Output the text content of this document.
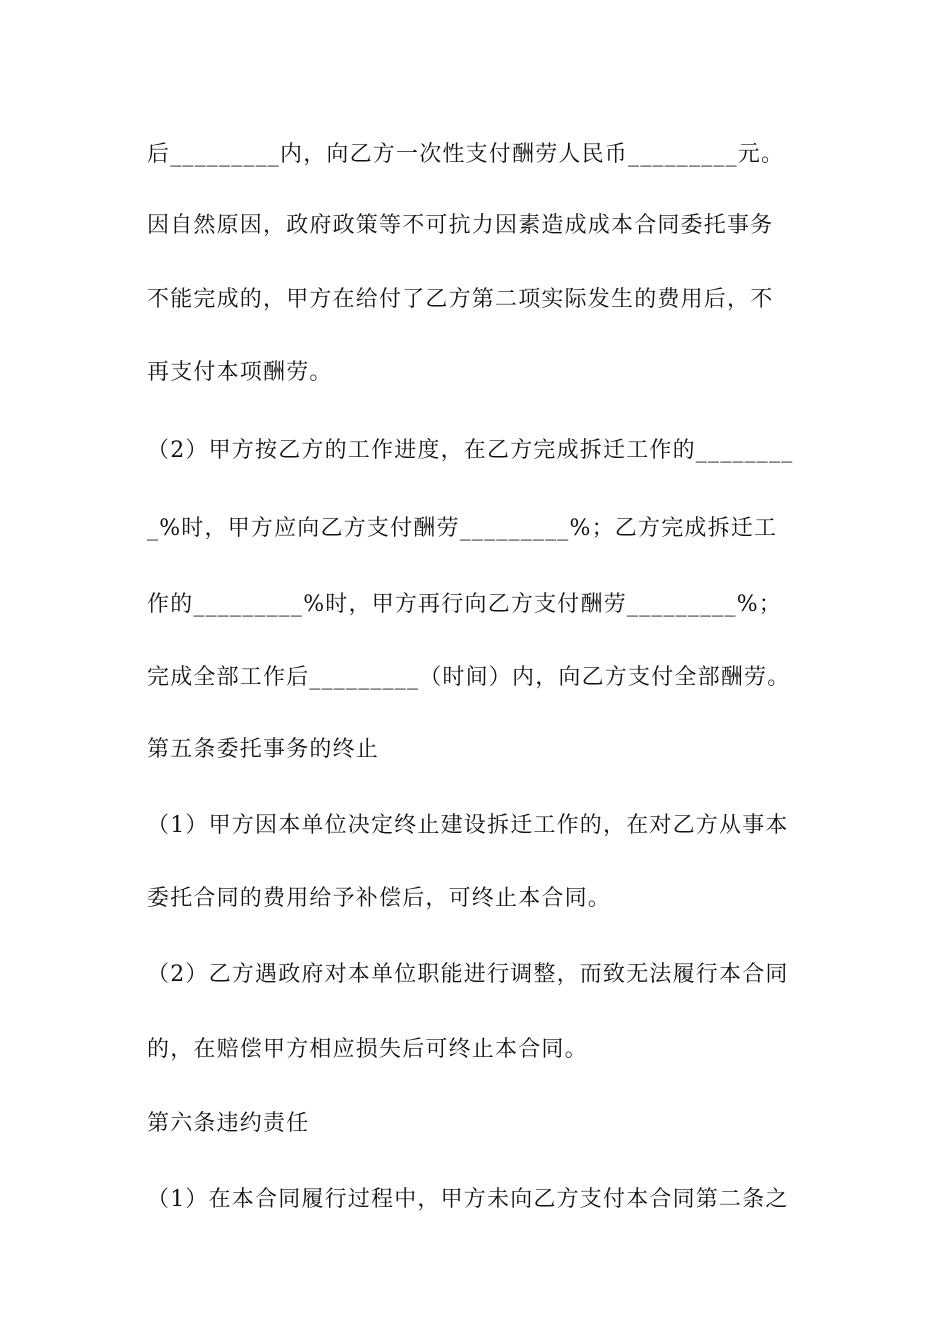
后_________内，向乙方一次性支付酬劳人民币_________元。
因自然原因，政府政策等不可抗力因素造成成本合同委托事务
不能完成的，甲方在给付了乙方第二项实际发生的费用后，不
再支付本项酬劳。
（2）甲方按乙方的工作进度，在乙方完成拆迁工作的________
_%时，甲方应向乙方支付酬劳_________%；乙方完成拆迁工
作的_________%时，甲方再行向乙方支付酬劳_________%；
完成全部工作后_________（时间）内，向乙方支付全部酬劳。
第五条委托事务的终止
（1）甲方因本单位决定终止建设拆迁工作的，在对乙方从事本
委托合同的费用给予补偿后，可终止本合同。
（2）乙方遇政府对本单位职能进行调整，而致无法履行本合同
的，在赔偿甲方相应损失后可终止本合同。
第六条违约责任
（1）在本合同履行过程中，甲方未向乙方支付本合同第二条之
